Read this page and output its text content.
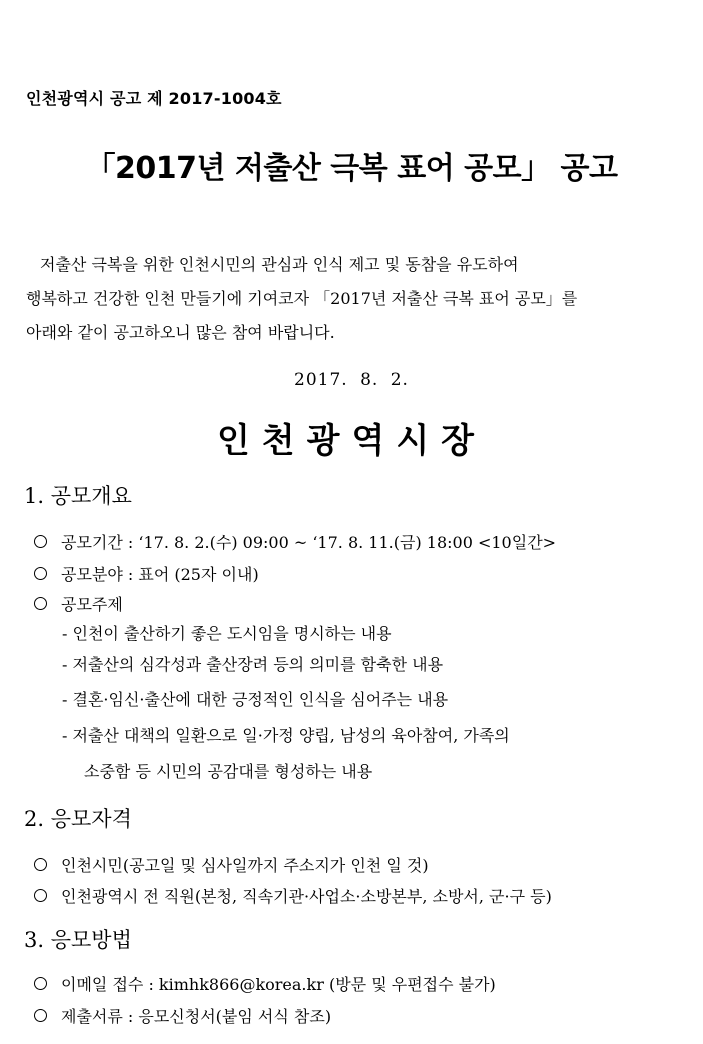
인천광역시 공고 제 2017-1004호
「2017년 저출산 극복 표어 공모」 공고
저출산 극복을 위한 인천시민의 관심과 인식 제고 및 동참을 유도하여
행복하고 건강한 인천 만들기에 기여코자 「2017년 저출산 극복 표어 공모」를
아래와 같이 공고하오니 많은 참여 바랍니다.
2017. 8. 2.
인천광역시장
1. 공모개요
공모기간 : ‘17. 8. 2.(수) 09:00 ~ ‘17. 8. 11.(금) 18:00 <10일간>
공모분야 : 표어 (25자 이내)
공모주제
- 인천이 출산하기 좋은 도시임을 명시하는 내용
- 저출산의 심각성과 출산장려 등의 의미를 함축한 내용
- 결혼·임신·출산에 대한 긍정적인 인식을 심어주는 내용
- 저출산 대책의 일환으로 일·가정 양립, 남성의 육아참여, 가족의
소중함 등 시민의 공감대를 형성하는 내용
2. 응모자격
인천시민(공고일 및 심사일까지 주소지가 인천 일 것)
인천광역시 전 직원(본청, 직속기관·사업소·소방본부, 소방서, 군·구 등)
3. 응모방법
이메일 접수 : kimhk866@korea.kr (방문 및 우편접수 불가)
제출서류 : 응모신청서(붙임 서식 참조)
